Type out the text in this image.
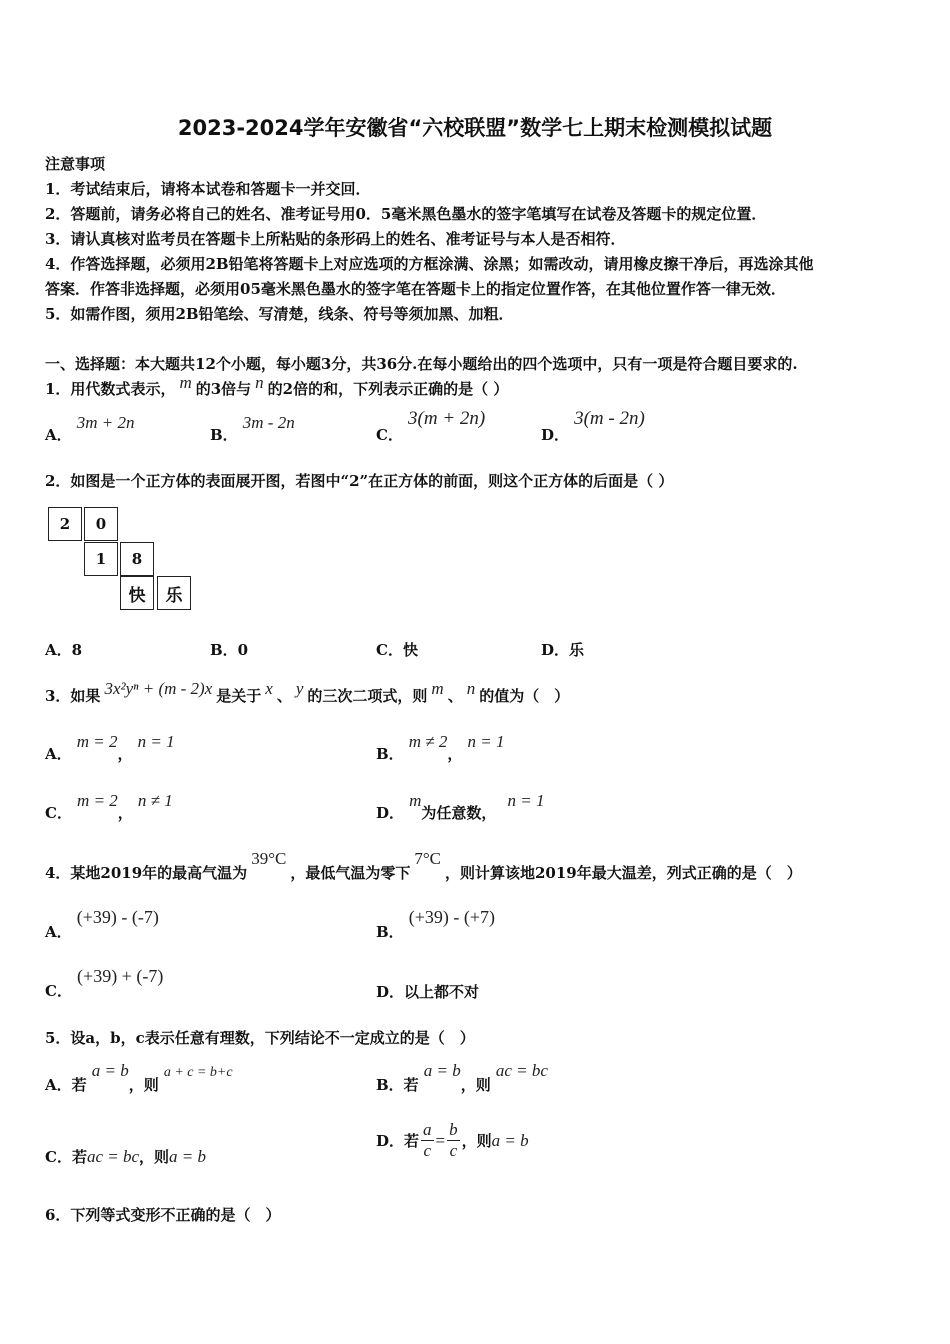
2023-2024学年安徽省“六校联盟”数学七上期末检测模拟试题
注意事项
1．考试结束后，请将本试卷和答题卡一并交回．
2．答题前，请务必将自己的姓名、准考证号用0．5毫米黑色墨水的签字笔填写在试卷及答题卡的规定位置．
3．请认真核对监考员在答题卡上所粘贴的条形码上的姓名、准考证号与本人是否相符．
4．作答选择题，必须用2B铅笔将答题卡上对应选项的方框涂满、涂黑；如需改动，请用橡皮擦干净后，再选涂其他
答案．作答非选择题，必须用05毫米黑色墨水的签字笔在答题卡上的指定位置作答，在其他位置作答一律无效．
5．如需作图，须用2B铅笔绘、写清楚，线条、符号等须加黑、加粗．
一、选择题：本大题共12个小题，每小题3分，共36分.在每小题给出的四个选项中，只有一项是符合题目要求的.
1．用代数式表示， m 的3倍与 n 的2倍的和，下列表示正确的是（ ）
A． 3m + 2n
B． 3m - 2n
C． 3(m + 2n)
D． 3(m - 2n)
2．如图是一个正方体的表面展开图，若图中“2”在正方体的前面，则这个正方体的后面是（ ）
2	0
1	8
快	乐
A．8	B．0	C．快	D．乐
3．如果 3x²yⁿ + (m - 2)x 是关于 x 、 y 的三次二项式，则 m 、 n 的值为（　）
A． m = 2， n = 1
B． m ≠ 2， n = 1
C． m = 2， n ≠ 1
D． m为任意数， n = 1
4．某地2019年的最高气温为39°C，最低气温为零下7°C，则计算该地2019年最大温差，列式正确的是（　）
A． (+39) - (-7)
B． (+39) - (+7)
C． (+39) + (-7)
D．以上都不对
5．设a，b，c表示任意有理数，下列结论不一定成立的是（　）
A．若 a = b，则 a + c = b+c
B．若 a = b，则 ac = bc
C．若ac = bc，则a = b
D．若 $\frac{a}{c} = \frac{b}{c}$ ，则 a = b
6．下列等式变形不正确的是（　）
